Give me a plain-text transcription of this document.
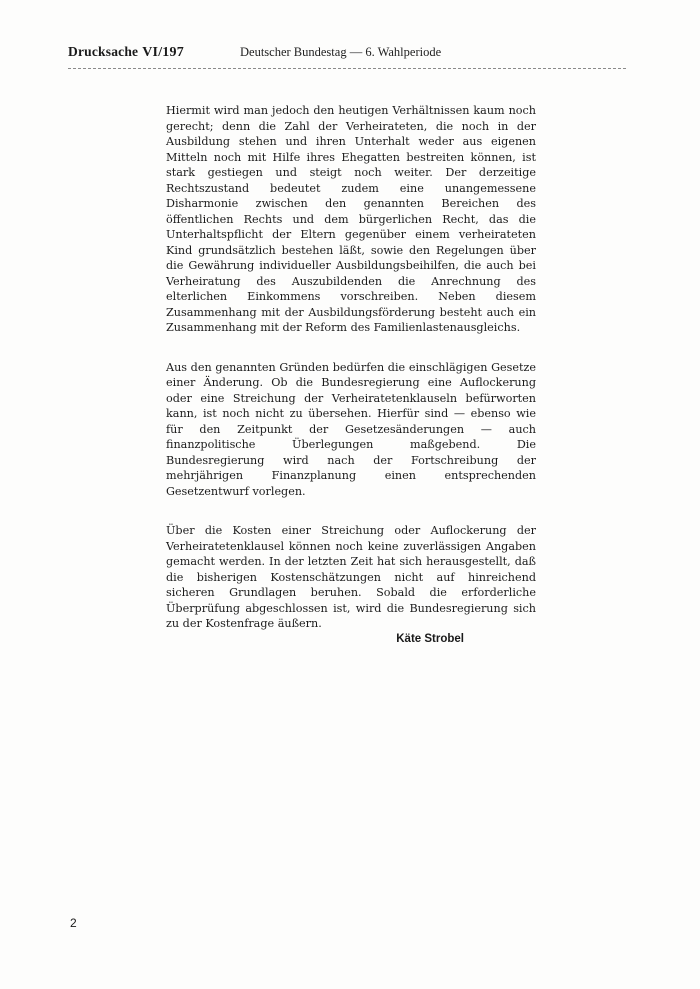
Drucksache VI/197	Deutscher Bundestag — 6. Wahlperiode

Hiermit wird man jedoch den heutigen Verhältnissen kaum noch gerecht; denn die Zahl der Verheirateten, die noch in der Ausbildung stehen und ihren Unterhalt weder aus eigenen Mitteln noch mit Hilfe ihres Ehegatten bestreiten können, ist stark gestiegen und steigt noch weiter. Der derzeitige Rechtszustand bedeutet zudem eine unangemessene Disharmonie zwischen den genannten Bereichen des öffentlichen Rechts und dem bürgerlichen Recht, das die Unterhaltspflicht der Eltern gegenüber einem verheirateten Kind grundsätzlich bestehen läßt, sowie den Regelungen über die Gewährung individueller Ausbildungsbeihilfen, die auch bei Verheiratung des Auszubildenden die Anrechnung des elterlichen Einkommens vorschreiben. Neben diesem Zusammenhang mit der Ausbildungsförderung besteht auch ein Zusammenhang mit der Reform des Familienlastenausgleichs.

Aus den genannten Gründen bedürfen die einschlägigen Gesetze einer Änderung. Ob die Bundesregierung eine Auflockerung oder eine Streichung der Verheiratetenklauseln befürworten kann, ist noch nicht zu übersehen. Hierfür sind — ebenso wie für den Zeitpunkt der Gesetzesänderungen — auch finanzpolitische Überlegungen maßgebend. Die Bundesregierung wird nach der Fortschreibung der mehrjährigen Finanzplanung einen entsprechenden Gesetzentwurf vorlegen.

Über die Kosten einer Streichung oder Auflockerung der Verheiratetenklausel können noch keine zuverlässigen Angaben gemacht werden. In der letzten Zeit hat sich herausgestellt, daß die bisherigen Kostenschätzungen nicht auf hinreichend sicheren Grundlagen beruhen. Sobald die erforderliche Überprüfung abgeschlossen ist, wird die Bundesregierung sich zu der Kostenfrage äußern.

Käte Strobel
2
